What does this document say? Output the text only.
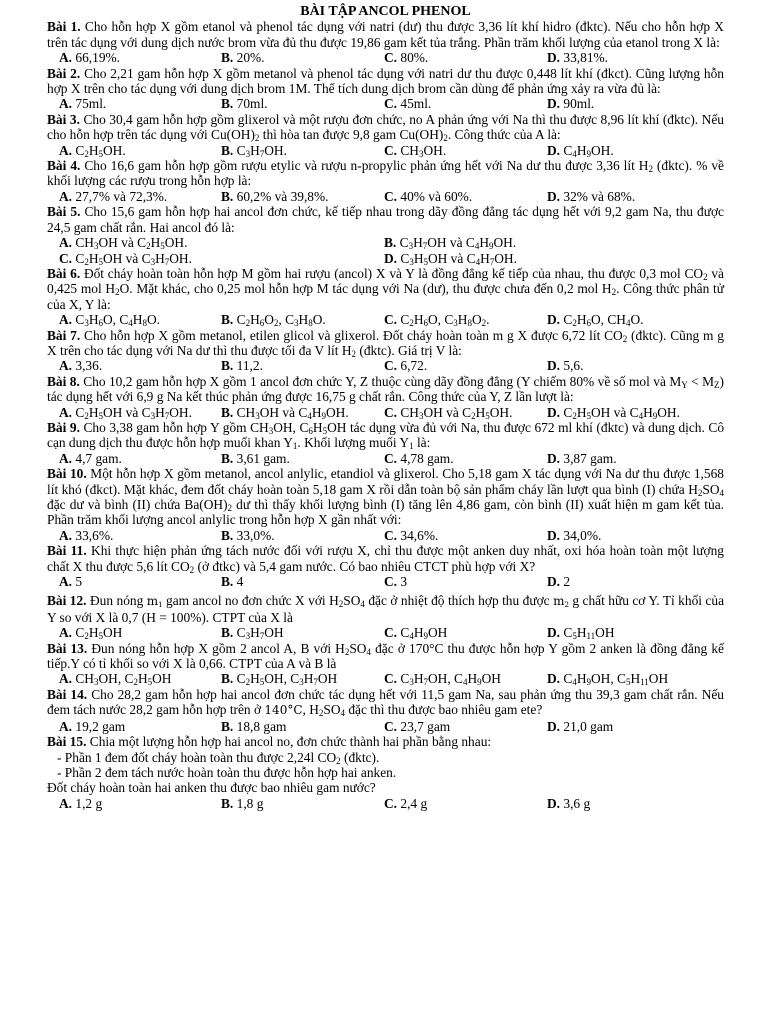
BÀI TẬP ANCOL PHENOL

Bài 1. Cho hỗn hợp X gồm etanol và phenol tác dụng với natri (dư) thu được 3,36 lít khí hidro (đktc). Nếu cho hỗn hợp X trên tác dụng với dung dịch nước brom vừa đủ thu được 19,86 gam kết tủa trắng. Phần trăm khối lượng của etanol trong X là:

A. 66,19%.	B. 20%.	C. 80%.	D. 33,81%.

Bài 2. Cho 2,21 gam hỗn hợp X gồm metanol và phenol tác dụng với natri dư thu được 0,448 lít khí (đkct). Cũng lượng hỗn hợp X trên cho tác dụng với dung dịch brom 1M. Thể tích dung dịch brom cần dùng để phản ứng xảy ra vừa đủ là:

A. 75ml.	B. 70ml.	C. 45ml.	D. 90ml.

Bài 3. Cho 30,4 gam hỗn hợp gồm glixerol và một rượu đơn chức, no A phản ứng với Na thì thu được 8,96 lít khí (đktc). Nếu cho hỗn hợp trên tác dụng với $Cu(OH)_2$ thì hòa tan được 9,8 gam $Cu(OH)_2$. Công thức của A là:

A. $C_2H_5OH$.	B. $C_3H_7OH$.	C. $CH_3OH$.	D. $C_4H_9OH$.

Bài 4. Cho 16,6 gam hỗn hợp gồm rượu etylic và rượu n-propylic phản ứng hết với Na dư thu được 3,36 lít $H_2$ (đktc). % về khối lượng các rượu trong hỗn hợp là:

A. 27,7% và 72,3%.	B. 60,2% và 39,8%.	C. 40% và 60%.	D. 32% và 68%.

Bài 5. Cho 15,6 gam hỗn hợp hai ancol đơn chức, kế tiếp nhau trong dãy đồng đẳng tác dụng hết với 9,2 gam Na, thu được 24,5 gam chất rắn. Hai ancol đó là:

A. $CH_3OH$ và $C_2H_5OH$.	B. $C_3H_7OH$ và $C_4H_9OH$.
C. $C_2H_5OH$ và $C_3H_7OH$.	D. $C_3H_5OH$ và $C_4H_7OH$.

Bài 6. Đốt cháy hoàn toàn hỗn hợp M gồm hai rượu (ancol) X và Y là đồng đẳng kế tiếp của nhau, thu được 0,3 mol $CO_2$ và 0,425 mol $H_2O$. Mặt khác, cho 0,25 mol hỗn hợp M tác dụng với Na (dư), thu được chưa đến 0,2 mol $H_2$. Công thức phân tử của X, Y là:

A. $C_3H_6O$, $C_4H_8O$.	B. $C_2H_6O_2$, $C_3H_8O$.	C. $C_2H_6O$, $C_3H_8O_2$.	D. $C_2H_6O$, $CH_4O$.

Bài 7. Cho hỗn hợp X gồm metanol, etilen glicol và glixerol. Đốt cháy hoàn toàn m g X được 6,72 lít $CO_2$ (đktc). Cũng m g X trên cho tác dụng với Na dư thì thu được tối đa V lít $H_2$ (đktc). Giá trị V là:

A. 3,36.	B. 11,2.	C. 6,72.	D. 5,6.

Bài 8. Cho 10,2 gam hỗn hợp X gồm 1 ancol đơn chức Y, Z thuộc cùng dãy đồng đẳng (Y chiếm 80% về số mol và $M_Y < M_Z$) tác dụng hết với 6,9 g Na kết thúc phản ứng được 16,75 g chất rắn. Công thức của Y, Z lần lượt là:

A. $C_2H_5OH$ và $C_3H_7OH$.	B. $CH_3OH$ và $C_4H_9OH$.	C. $CH_3OH$ và $C_2H_5OH$.	D. $C_2H_5OH$ và $C_4H_9OH$.

Bài 9. Cho 3,38 gam hỗn hợp Y gồm $CH_3OH$, $C_6H_5OH$ tác dụng vừa đủ với Na, thu được 672 ml khí (đktc) và dung dịch. Cô cạn dung dịch thu được hỗn hợp muối khan $Y_1$. Khối lượng muối $Y_1$ là:

A. 4,7 gam.	B. 3,61 gam.	C. 4,78 gam.	D. 3,87 gam.

Bài 10. Một hỗn hợp X gồm metanol, ancol anlylic, etandiol và glixerol. Cho 5,18 gam X tác dụng với Na dư thu được 1,568 lít khó (đkct). Mặt khác, đem đốt cháy hoàn toàn 5,18 gam X rồi dẫn toàn bộ sản phẩm cháy lần lượt qua bình (I) chứa $H_2SO_4$ đặc dư và bình (II) chứa $Ba(OH)_2$ dư thì thấy khối lượng bình (I) tăng lên 4,86 gam, còn bình (II) xuất hiện m gam kết tủa. Phần trăm khối lượng ancol anlylic trong hỗn hợp X gần nhất với:

A. 33,6%.	B. 33,0%.	C. 34,6%.	D. 34,0%.

Bài 11. Khi thực hiện phản ứng tách nước đối với rượu X, chỉ thu được một anken duy nhất, oxi hóa hoàn toàn một lượng chất X thu được 5,6 lít $CO_2$ (ở đtkc) và 5,4 gam nước. Có bao nhiêu CTCT phù hợp với X?

A. 5	B. 4	C. 3	D. 2

Bài 12. Đun nóng $m_1$ gam ancol no đơn chức X với $H_2SO_4$ đặc ở nhiệt độ thích hợp thu được $m_2$ g chất hữu cơ Y. Tỉ khối của Y so với X là 0,7 (H = 100%). CTPT của X là

A. $C_2H_5OH$	B. $C_3H_7OH$	C. $C_4H_9OH$	D. $C_5H_{11}OH$

Bài 13. Đun nóng hỗn hợp X gồm 2 ancol A, B với $H_2SO_4$ đặc ở 170°C thu được hỗn hợp Y gồm 2 anken là đồng đẳng kế tiếp.Y có tỉ khối so với X là 0,66. CTPT của A và B là

A. $CH_3OH$, $C_2H_5OH$	B. $C_2H_5OH$, $C_3H_7OH$	C. $C_3H_7OH$, $C_4H_9OH$	D. $C_4H_9OH$, $C_5H_{11}OH$

Bài 14. Cho 28,2 gam hỗn hợp hai ancol đơn chức tác dụng hết với 11,5 gam Na, sau phản ứng thu 39,3 gam chất rắn. Nếu đem tách nước 28,2 gam hỗn hợp trên ở 140°C, $H_2SO_4$ đặc thì thu được bao nhiêu gam ete?

A. 19,2 gam	B. 18,8 gam	C. 23,7 gam	D. 21,0 gam

Bài 15. Chia một lượng hỗn hợp hai ancol no, đơn chức thành hai phần bằng nhau:

- Phần 1 đem đốt cháy hoàn toàn thu được 2,24l $CO_2$ (đktc).

- Phần 2 đem tách nước hoàn toàn thu được hỗn hợp hai anken.

Đốt cháy hoàn toàn hai anken thu được bao nhiêu gam nước?

A. 1,2 g	B. 1,8 g	C. 2,4 g	D. 3,6 g
